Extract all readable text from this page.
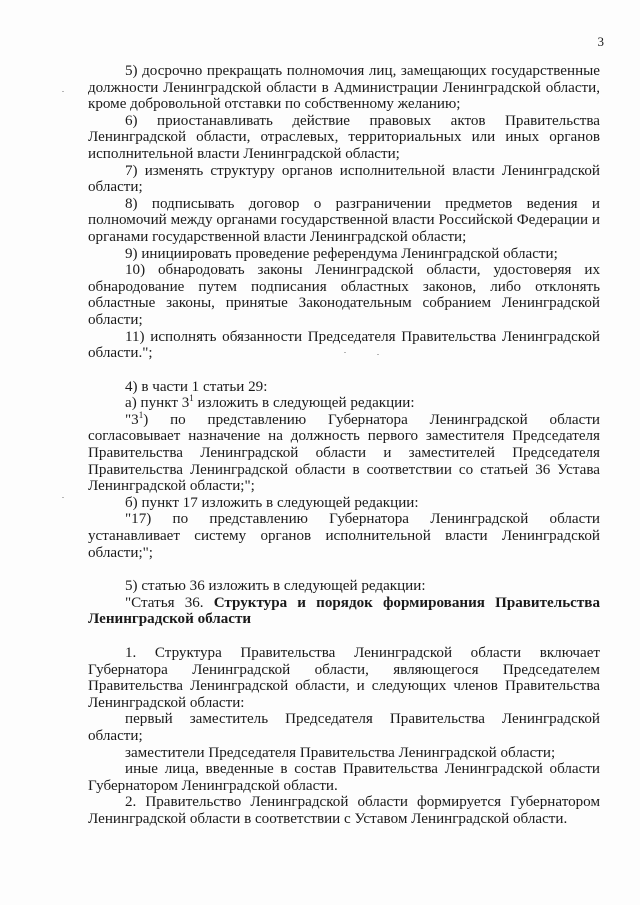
3

5) досрочно прекращать полномочия лиц, замещающих государственные должности Ленинградской области в Администрации Ленинградской области, кроме добровольной отставки по собственному желанию;

6) приостанавливать действие правовых актов Правительства Ленинградской области, отраслевых, территориальных или иных органов исполнительной власти Ленинградской области;

7) изменять структуру органов исполнительной власти Ленинградской области;

8) подписывать договор о разграничении предметов ведения и полномочий между органами государственной власти Российской Федерации и органами государственной власти Ленинградской области;

9) инициировать проведение референдума Ленинградской области;

10) обнародовать законы Ленинградской области, удостоверяя их обнародование путем подписания областных законов, либо отклонять областные законы, принятые Законодательным собранием Ленинградской области;

11) исполнять обязанности Председателя Правительства Ленинградской области.";

4) в части 1 статьи 29:

а) пункт $3^1$ изложить в следующей редакции:

"$3^1$) по представлению Губернатора Ленинградской области согласовывает назначение на должность первого заместителя Председателя Правительства Ленинградской области и заместителей Председателя Правительства Ленинградской области в соответствии со статьей 36 Устава Ленинградской области;";

б) пункт 17 изложить в следующей редакции:

"17) по представлению Губернатора Ленинградской области устанавливает систему органов исполнительной власти Ленинградской области;";

5) статью 36 изложить в следующей редакции:

"Статья 36. Структура и порядок формирования Правительства Ленинградской области

1. Структура Правительства Ленинградской области включает Губернатора Ленинградской области, являющегося Председателем Правительства Ленинградской области, и следующих членов Правительства Ленинградской области:

первый заместитель Председателя Правительства Ленинградской области;

заместители Председателя Правительства Ленинградской области;

иные лица, введенные в состав Правительства Ленинградской области Губернатором Ленинградской области.

2. Правительство Ленинградской области формируется Губернатором Ленинградской области в соответствии с Уставом Ленинградской области.
